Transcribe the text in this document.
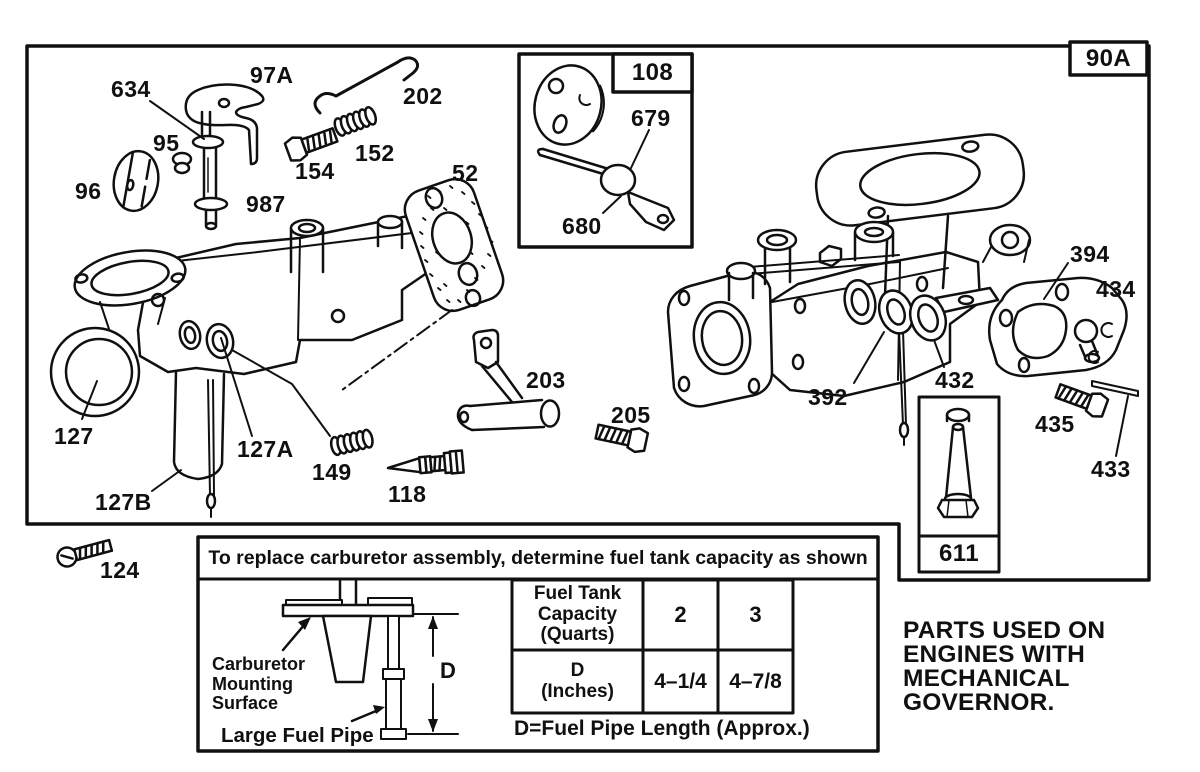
90A
108
611
634
97A
202
95
154
152
96	987
52
394
434
392
432
435
433
127	127A
127B
149
118
203
205
124
679
680
To replace carburetor assembly, determine fuel tank capacity as shown
Carburetor
Mounting
Surface
Large Fuel Pipe
D
Fuel Tank
Capacity
(Quarts)
2	3
D
(Inches)	4–1/4	4–7/8
D=Fuel Pipe Length (Approx.)
PARTS USED ON
ENGINES WITH
MECHANICAL
GOVERNOR.
